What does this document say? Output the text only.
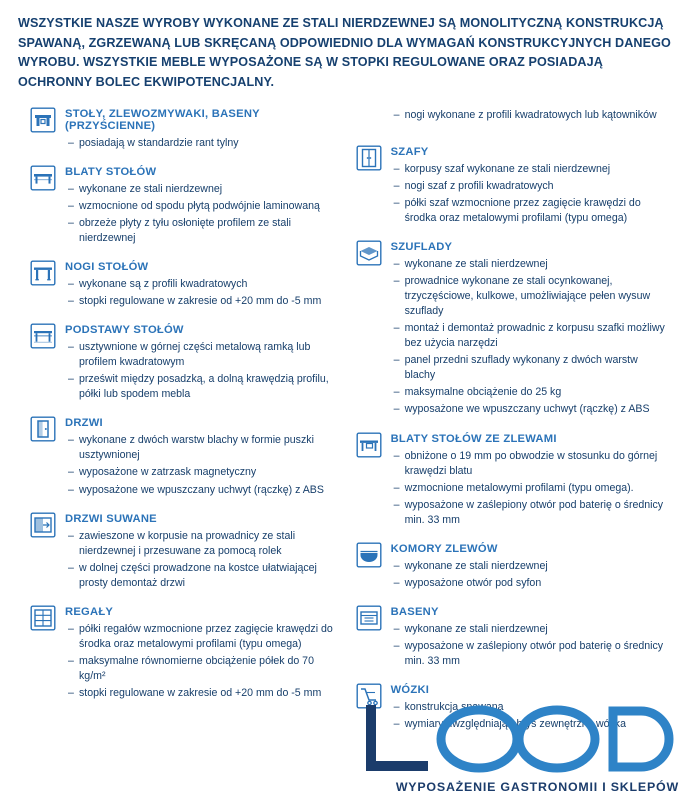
WSZYSTKIE NASZE WYROBY WYKONANE ZE STALI NIERDZEWNEJ SĄ MONOLITYCZNĄ KONSTRUKCJĄ SPAWANĄ, ZGRZEWANĄ LUB SKRĘCANĄ ODPOWIEDNIO DLA WYMAGAŃ KONSTRUKCYJNYCH DANEGO WYROBU. WSZYSTKIE MEBLE WYPOSAŻONE SĄ W STOPKI REGULOWANE ORAZ POSIADAJĄ OCHRONNY BOLEC EKWIPOTENCJALNY.

STOŁY, ZLEWOZMYWAKI, BASENY (PRZYŚCIENNE)
– posiadają w standardzie rant tylny
BLATY STOŁÓW
– wykonane ze stali nierdzewnej
– wzmocnione od spodu płytą podwójnie laminowaną
– obrzeże płyty z tyłu osłonięte profilem ze stali nierdzewnej
NOGI STOŁÓW
– wykonane są z profili kwadratowych
– stopki regulowane w zakresie od +20 mm do -5 mm
PODSTAWY STOŁÓW
– usztywnione w górnej części metalową ramką lub profilem kwadratowym
– prześwit między posadzką, a dolną krawędzią profilu, półki lub spodem mebla
DRZWI
– wykonane z dwóch warstw blachy w formie puszki usztywnionej
– wyposażone w zatrzask magnetyczny
– wyposażone we wpuszczany uchwyt (rączkę) z ABS
DRZWI SUWANE
– zawieszone w korpusie na prowadnicy ze stali nierdzewnej i przesuwane za pomocą rolek
– w dolnej części prowadzone na kostce ułatwiającej prosty demontaż drzwi
REGAŁY
– półki regałów wzmocnione przez zagięcie krawędzi do środka oraz metalowymi profilami (typu omega)
– maksymalne równomierne obciążenie półek do 70 kg/m²
– stopki regulowane w zakresie od +20 mm do -5 mm
– nogi wykonane z profili kwadratowych lub kątowników
SZAFY
– korpusy szaf wykonane ze stali nierdzewnej
– nogi szaf z profili kwadratowych
– półki szaf wzmocnione przez zagięcie krawędzi do środka oraz metalowymi profilami (typu omega)
SZUFLADY
– wykonane ze stali nierdzewnej
– prowadnice wykonane ze stali ocynkowanej, trzyczęściowe, kulkowe, umożliwiające pełen wysuw szuflady
– montaż i demontaż prowadnic z korpusu szafki możliwy bez użycia narzędzi
– panel przedni szuflady wykonany z dwóch warstw blachy
– maksymalne obciążenie do 25 kg
– wyposażone we wpuszczany uchwyt (rączkę) z ABS
BLATY STOŁÓW ZE ZLEWAMI
– obniżone o 19 mm po obwodzie w stosunku do górnej krawędzi blatu
– wzmocnione metalowymi profilami (typu omega).
– wyposażone w zaślepiony otwór pod baterię o średnicy min. 33 mm
KOMORY ZLEWÓW
– wykonane ze stali nierdzewnej
– wyposażone otwór pod syfon
BASENY
– wykonane ze stali nierdzewnej
– wyposażone w zaślepiony otwór pod baterię o średnicy min. 33 mm
WÓZKI
– konstrukcja spawana
– wymiary uwzględniają obrys zewnętrzny wózka
WYPOSAŻENIE GASTRONOMII I SKLEPÓW
